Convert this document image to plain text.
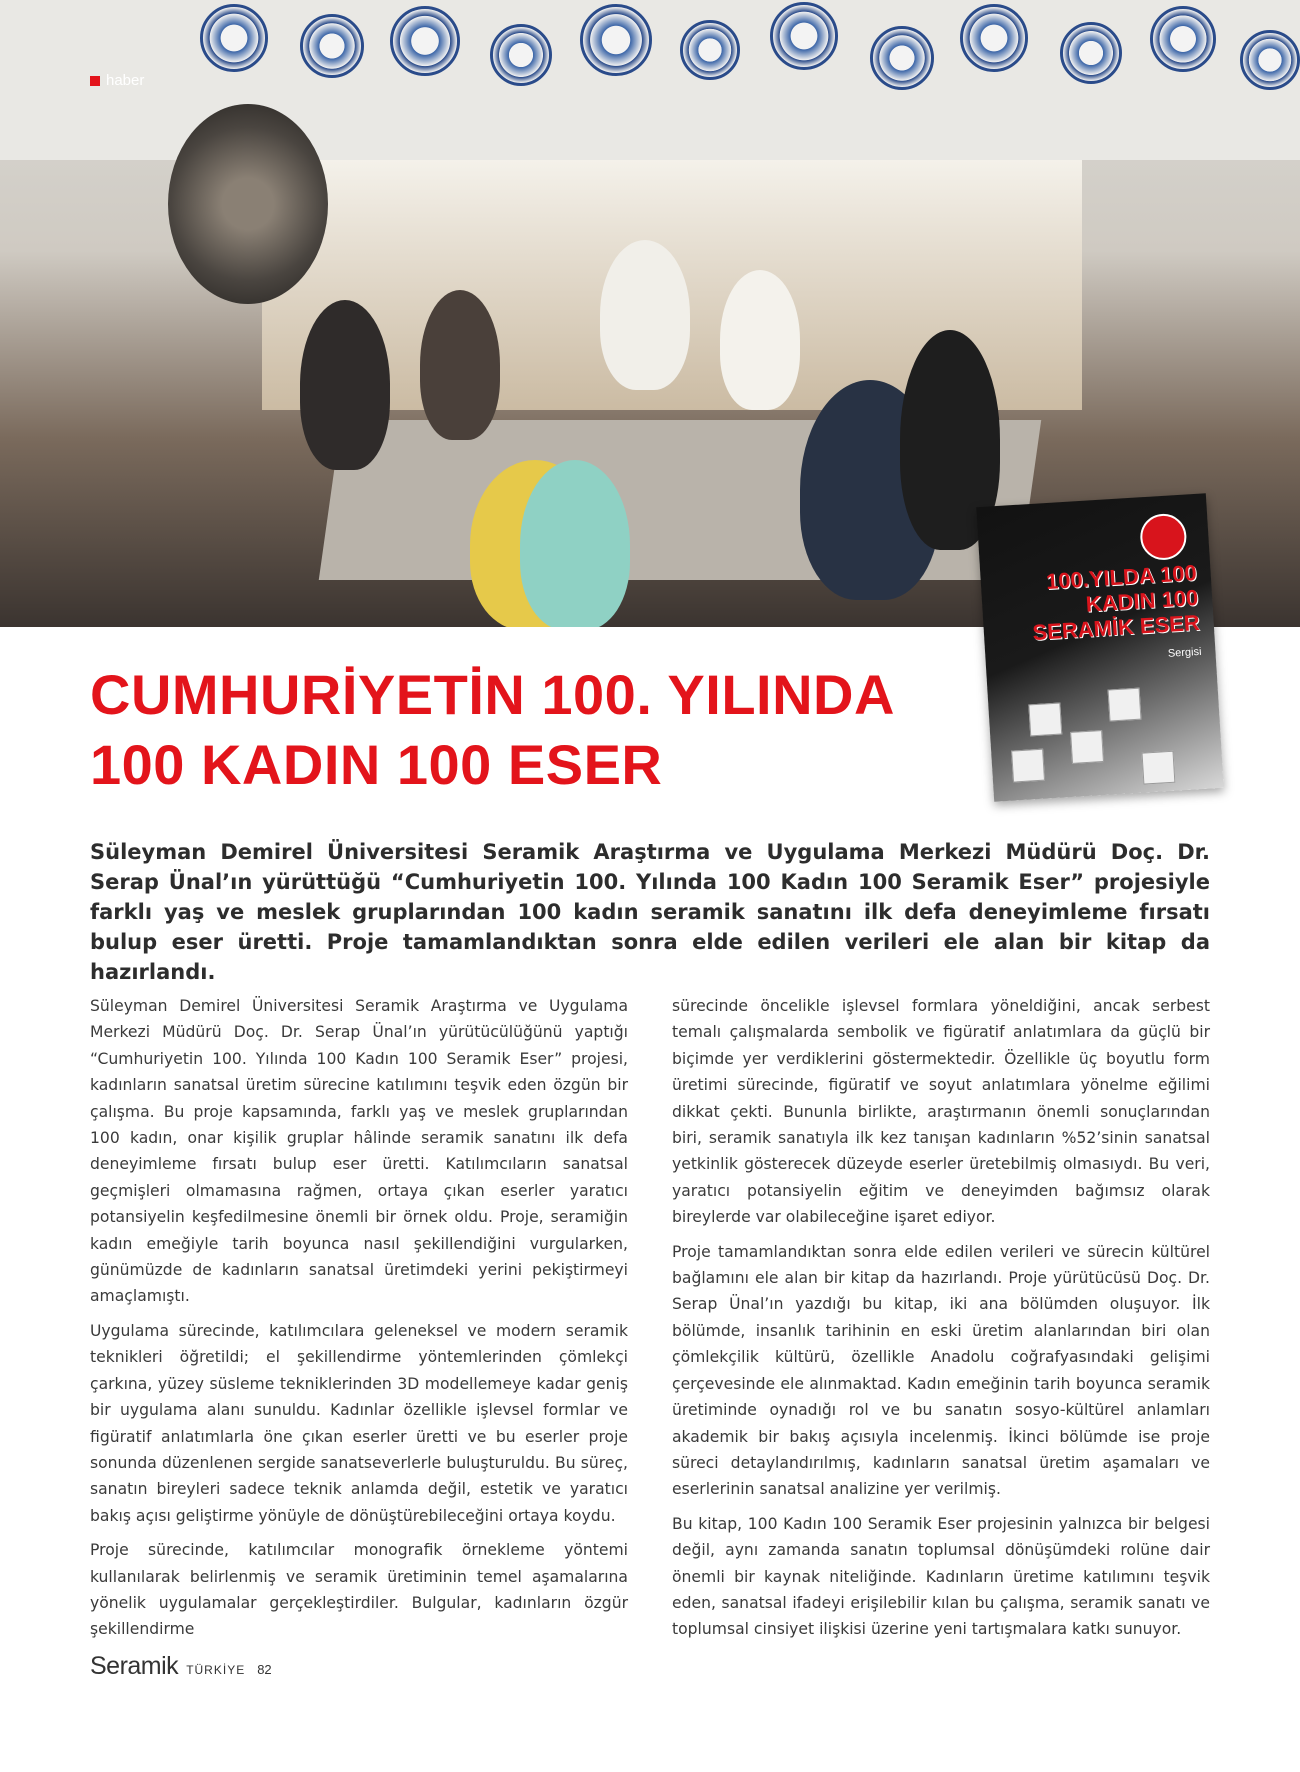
haber
100.YILDA 100 KADIN 100 SERAMİK ESER Sergisi
CUMHURİYETİN 100. YILINDA 100 KADIN 100 ESER
Süleyman Demirel Üniversitesi Seramik Araştırma ve Uygulama Merkezi Müdürü Doç. Dr. Serap Ünal’ın yürüttüğü “Cumhuriyetin 100. Yılında 100 Kadın 100 Seramik Eser” projesiyle farklı yaş ve meslek gruplarından 100 kadın seramik sanatını ilk defa deneyimleme fırsatı bulup eser üretti. Proje tamamlandıktan sonra elde edilen verileri ele alan bir kitap da hazırlandı.

Süleyman Demirel Üniversitesi Seramik Araştırma ve Uygulama Merkezi Müdürü Doç. Dr. Serap Ünal’ın yürütücülüğünü yaptığı “Cumhuriyetin 100. Yılında 100 Kadın 100 Seramik Eser” projesi, kadınların sanatsal üretim sürecine katılımını teşvik eden özgün bir çalışma. Bu proje kapsamında, farklı yaş ve meslek gruplarından 100 kadın, onar kişilik gruplar hâlinde seramik sanatını ilk defa deneyimleme fırsatı bulup eser üretti. Katılımcıların sanatsal geçmişleri olmamasına rağmen, ortaya çıkan eserler yaratıcı potansiyelin keşfedilmesine önemli bir örnek oldu. Proje, seramiğin kadın emeğiyle tarih boyunca nasıl şekillendiğini vurgularken, günümüzde de kadınların sanatsal üretimdeki yerini pekiştirmeyi amaçlamıştı.

Uygulama sürecinde, katılımcılara geleneksel ve modern seramik teknikleri öğretildi; el şekillendirme yöntemlerinden çömlekçi çarkına, yüzey süsleme tekniklerinden 3D modellemeye kadar geniş bir uygulama alanı sunuldu. Kadınlar özellikle işlevsel formlar ve figüratif anlatımlarla öne çıkan eserler üretti ve bu eserler proje sonunda düzenlenen sergide sanatseverlerle buluşturuldu. Bu süreç, sanatın bireyleri sadece teknik anlamda değil, estetik ve yaratıcı bakış açısı geliştirme yönüyle de dönüştürebileceğini ortaya koydu.

Proje sürecinde, katılımcılar monografik örnekleme yöntemi kullanılarak belirlenmiş ve seramik üretiminin temel aşamalarına yönelik uygulamalar gerçekleştirdiler. Bulgular, kadınların özgür şekillendirme

sürecinde öncelikle işlevsel formlara yöneldiğini, ancak serbest temalı çalışmalarda sembolik ve figüratif anlatımlara da güçlü bir biçimde yer verdiklerini göstermektedir. Özellikle üç boyutlu form üretimi sürecinde, figüratif ve soyut anlatımlara yönelme eğilimi dikkat çekti. Bununla birlikte, araştırmanın önemli sonuçlarından biri, seramik sanatıyla ilk kez tanışan kadınların %52’sinin sanatsal yetkinlik gösterecek düzeyde eserler üretebilmiş olmasıydı. Bu veri, yaratıcı potansiyelin eğitim ve deneyimden bağımsız olarak bireylerde var olabileceğine işaret ediyor.

Proje tamamlandıktan sonra elde edilen verileri ve sürecin kültürel bağlamını ele alan bir kitap da hazırlandı. Proje yürütücüsü Doç. Dr. Serap Ünal’ın yazdığı bu kitap, iki ana bölümden oluşuyor. İlk bölümde, insanlık tarihinin en eski üretim alanlarından biri olan çömlekçilik kültürü, özellikle Anadolu coğrafyasındaki gelişimi çerçevesinde ele alınmaktad. Kadın emeğinin tarih boyunca seramik üretiminde oynadığı rol ve bu sanatın sosyo-kültürel anlamları akademik bir bakış açısıyla incelenmiş. İkinci bölümde ise proje süreci detaylandırılmış, kadınların sanatsal üretim aşamaları ve eserlerinin sanatsal analizine yer verilmiş.

Bu kitap, 100 Kadın 100 Seramik Eser projesinin yalnızca bir belgesi değil, aynı zamanda sanatın toplumsal dönüşümdeki rolüne dair önemli bir kaynak niteliğinde. Kadınların üretime katılımını teşvik eden, sanatsal ifadeyi erişilebilir kılan bu çalışma, seramik sanatı ve toplumsal cinsiyet ilişkisi üzerine yeni tartışmalara katkı sunuyor.

Seramik TÜRKİYE 82
